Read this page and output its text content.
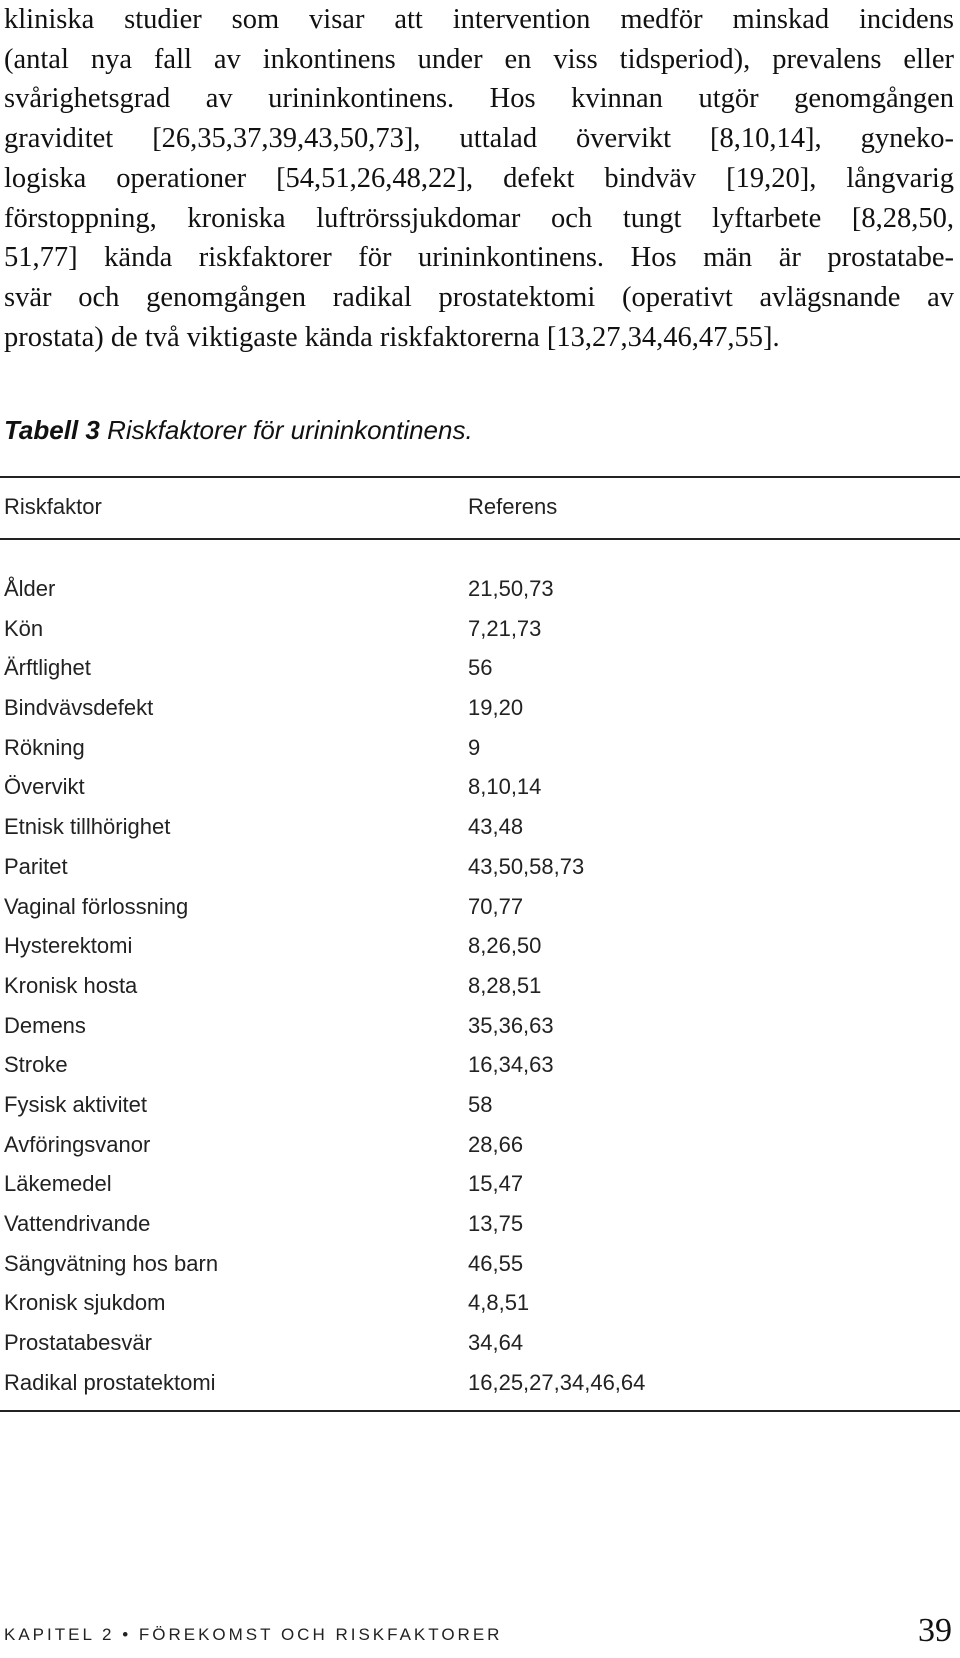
kliniska studier som visar att intervention medför minskad incidens
(antal nya fall av inkontinens under en viss tidsperiod), prevalens eller
svårighetsgrad av urininkontinens. Hos kvinnan utgör genomgången
graviditet [26,35,37,39,43,50,73], uttalad övervikt [8,10,14], gyneko-
logiska operationer [54,51,26,48,22], defekt bindväv [19,20], långvarig
förstoppning, kroniska luftrörssjukdomar och tungt lyftarbete [8,28,50,
51,77] kända riskfaktorer för urininkontinens. Hos män är prostatabe-
svär och genomgången radikal prostatektomi (operativt avlägsnande av
prostata) de två viktigaste kända riskfaktorerna [13,27,34,46,47,55].
Tabell 3 Riskfaktorer för urininkontinens.
Riskfaktor	Referens
Ålder	21,50,73
Kön	7,21,73
Ärftlighet	56
Bindvävsdefekt	19,20
Rökning	9
Övervikt	8,10,14
Etnisk tillhörighet	43,48
Paritet	43,50,58,73
Vaginal förlossning	70,77
Hysterektomi	8,26,50
Kronisk hosta	8,28,51
Demens	35,36,63
Stroke	16,34,63
Fysisk aktivitet	58
Avföringsvanor	28,66
Läkemedel	15,47
Vattendrivande	13,75
Sängvätning hos barn	46,55
Kronisk sjukdom	4,8,51
Prostatabesvär	34,64
Radikal prostatektomi	16,25,27,34,46,64
KAPITEL 2 • FÖREKOMST OCH RISKFAKTORER	39
